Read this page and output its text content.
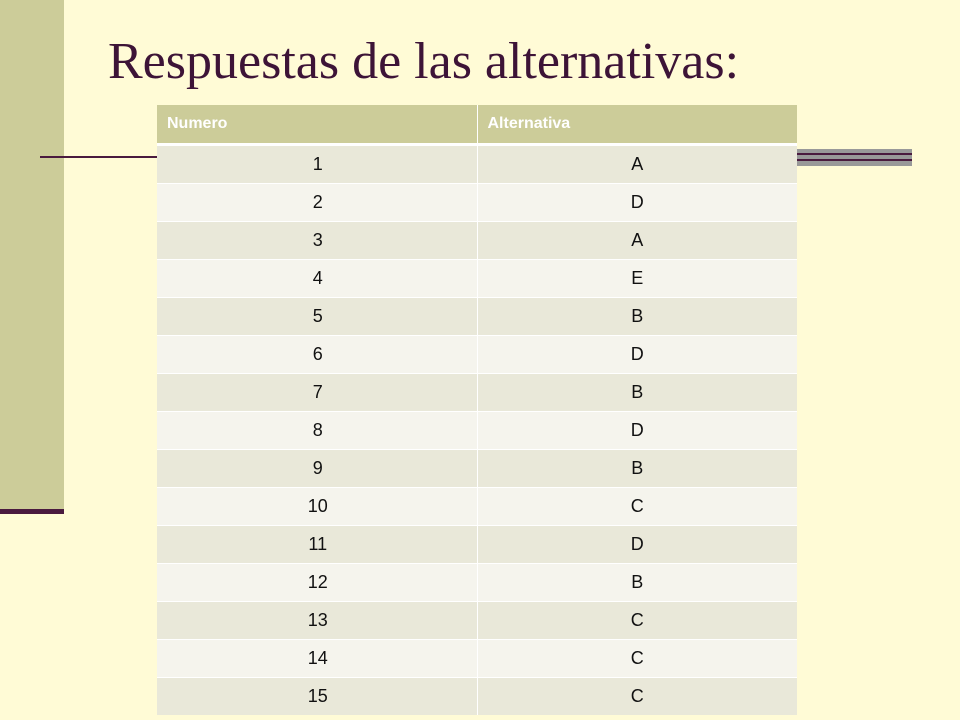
Respuestas de las alternativas:
Numero	Alternativa
1	A
2	D
3	A
4	E
5	B
6	D
7	B
8	D
9	B
10	C
11	D
12	B
13	C
14	C
15	C
